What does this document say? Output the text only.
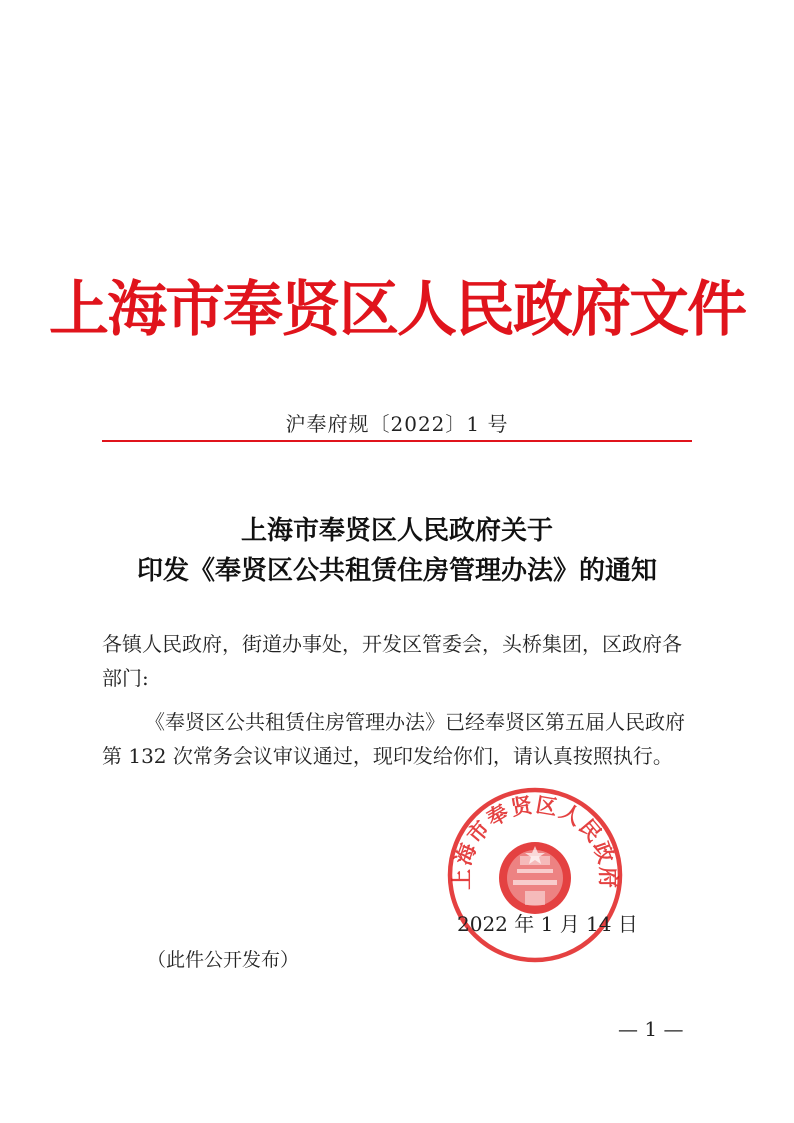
上海市奉贤区人民政府文件
沪奉府规〔2022〕1 号
上海市奉贤区人民政府关于
印发《奉贤区公共租赁住房管理办法》的通知
各镇人民政府，街道办事处，开发区管委会，头桥集团，区政府各
部门:
《奉贤区公共租赁住房管理办法》已经奉贤区第五届人民政府
第 132 次常务会议审议通过，现印发给你们，请认真按照执行。
上海市奉贤区人民政府
2022 年 1 月 14 日
（此件公开发布）
— 1 —
